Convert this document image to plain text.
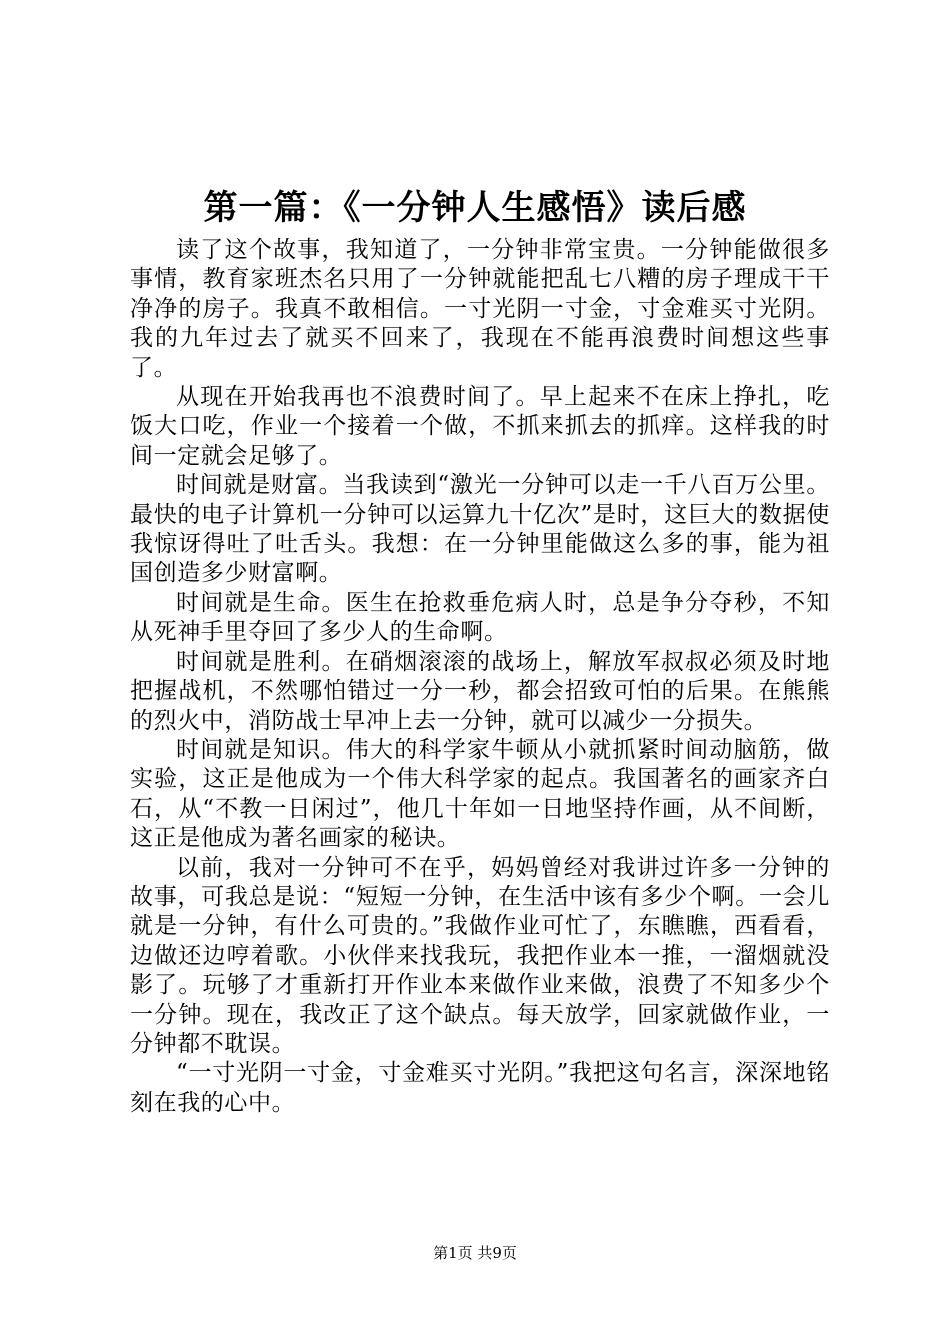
第一篇：《一分钟人生感悟》读后感

读了这个故事，我知道了，一分钟非常宝贵。一分钟能做很多事情，教育家班杰名只用了一分钟就能把乱七八糟的房子理成干干净净的房子。我真不敢相信。一寸光阴一寸金，寸金难买寸光阴。我的九年过去了就买不回来了，我现在不能再浪费时间想这些事了。

从现在开始我再也不浪费时间了。早上起来不在床上挣扎，吃饭大口吃，作业一个接着一个做，不抓来抓去的抓痒。这样我的时间一定就会足够了。

时间就是财富。当我读到“激光一分钟可以走一千八百万公里。最快的电子计算机一分钟可以运算九十亿次”是时，这巨大的数据使我惊讶得吐了吐舌头。我想：在一分钟里能做这么多的事，能为祖国创造多少财富啊。

时间就是生命。医生在抢救垂危病人时，总是争分夺秒，不知从死神手里夺回了多少人的生命啊。

时间就是胜利。在硝烟滚滚的战场上，解放军叔叔必须及时地把握战机，不然哪怕错过一分一秒，都会招致可怕的后果。在熊熊的烈火中，消防战士早冲上去一分钟，就可以减少一分损失。

时间就是知识。伟大的科学家牛顿从小就抓紧时间动脑筋，做实验，这正是他成为一个伟大科学家的起点。我国著名的画家齐白石，从“不教一日闲过”，他几十年如一日地坚持作画，从不间断，这正是他成为著名画家的秘诀。

以前，我对一分钟可不在乎，妈妈曾经对我讲过许多一分钟的故事，可我总是说：“短短一分钟，在生活中该有多少个啊。一会儿就是一分钟，有什么可贵的。”我做作业可忙了，东瞧瞧，西看看，边做还边哼着歌。小伙伴来找我玩，我把作业本一推，一溜烟就没影了。玩够了才重新打开作业本来做作业来做，浪费了不知多少个一分钟。现在，我改正了这个缺点。每天放学，回家就做作业，一分钟都不耽误。

“一寸光阴一寸金，寸金难买寸光阴。”我把这句名言，深深地铭刻在我的心中。

第1页 共9页
